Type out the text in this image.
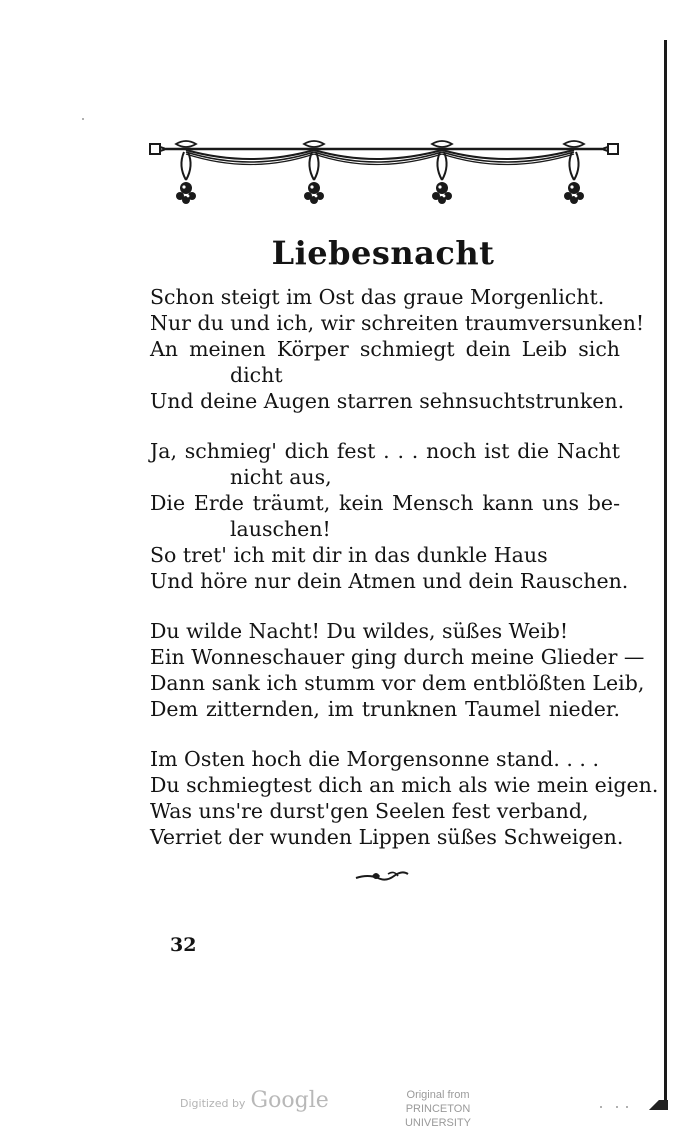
Liebesnacht
Schon steigt im Ost das graue Morgenlicht.
Nur du und ich, wir schreiten traumversunken!
An meinen Körper schmiegt dein Leib sich
dicht
Und deine Augen starren sehnsuchtstrunken.
Ja, schmieg' dich fest . . . noch ist die Nacht
nicht aus,
Die Erde träumt, kein Mensch kann uns be-
lauschen!
So tret' ich mit dir in das dunkle Haus
Und höre nur dein Atmen und dein Rauschen.
Du wilde Nacht! Du wildes, süßes Weib!
Ein Wonneschauer ging durch meine Glieder —
Dann sank ich stumm vor dem entblößten Leib,
Dem zitternden, im trunknen Taumel nieder.
Im Osten hoch die Morgensonne stand. . . .
Du schmiegtest dich an mich als wie mein eigen.
Was uns're durst'gen Seelen fest verband,
Verriet der wunden Lippen süßes Schweigen.
32
Digitized by Google	Original from
PRINCETON UNIVERSITY
